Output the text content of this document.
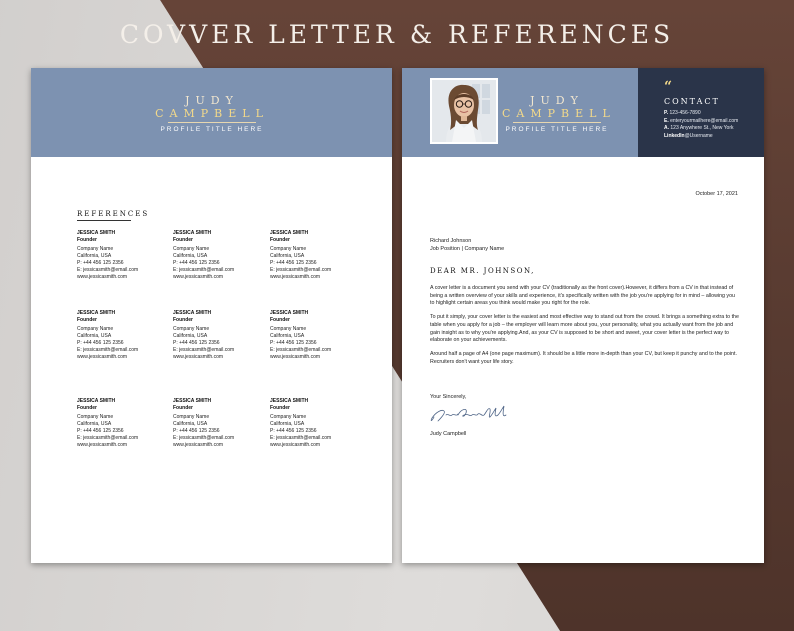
COVVER LETTER & REFERENCES
JUDY
CAMPBELL
PROFILE TITLE HERE
REFERENCES
JESSICA SMITH
Founder
Company Name
California, USA
P: +44 456 125 2356
E: jessicasmith@email.com
www.jessicasmith.com
JESSICA SMITH
Founder
Company Name
California, USA
P: +44 456 125 2356
E: jessicasmith@email.com
www.jessicasmith.com
JESSICA SMITH
Founder
Company Name
California, USA
P: +44 456 125 2356
E: jessicasmith@email.com
www.jessicasmith.com
JESSICA SMITH
Founder
Company Name
California, USA
P: +44 456 125 2356
E: jessicasmith@email.com
www.jessicasmith.com
JESSICA SMITH
Founder
Company Name
California, USA
P: +44 456 125 2356
E: jessicasmith@email.com
www.jessicasmith.com
JESSICA SMITH
Founder
Company Name
California, USA
P: +44 456 125 2356
E: jessicasmith@email.com
www.jessicasmith.com
JESSICA SMITH
Founder
Company Name
California, USA
P: +44 456 125 2356
E: jessicasmith@email.com
www.jessicasmith.com
JESSICA SMITH
Founder
Company Name
California, USA
P: +44 456 125 2356
E: jessicasmith@email.com
www.jessicasmith.com
JESSICA SMITH
Founder
Company Name
California, USA
P: +44 456 125 2356
E: jessicasmith@email.com
www.jessicasmith.com
JUDY
CAMPBELL
PROFILE TITLE HERE
“
CONTACT
P. 123-456-7890
E. enteryourmailhere@email.com
A. 123 Anywhere St., New York
LinkedIn@Username
October 17, 2021
Richard Johnson
Job Position | Company Name
DEAR MR. JOHNSON,

A cover letter is a document you send with your CV (traditionally as the front cover).However, it differs from a CV in that instead of being a written overview of your skills and experience, it's specifically written with the job you're applying for in mind – allowing you to highlight certain areas you think would make you right for the role.

To put it simply, your cover letter is the easiest and most effective way to stand out from the crowd. It brings a something extra to the table when you apply for a job – the employer will learn more about you, your personality, what you actually want from the job and gain insight as to why you're applying.And, as your CV is supposed to be short and sweet, your cover letter is the perfect way to elaborate on your achievements.

Around half a page of A4 (one page maximum). It should be a little more in-depth than your CV, but keep it punchy and to the point. Recruiters don't want your life story.

Your Sincerely,
Judy Campbell
